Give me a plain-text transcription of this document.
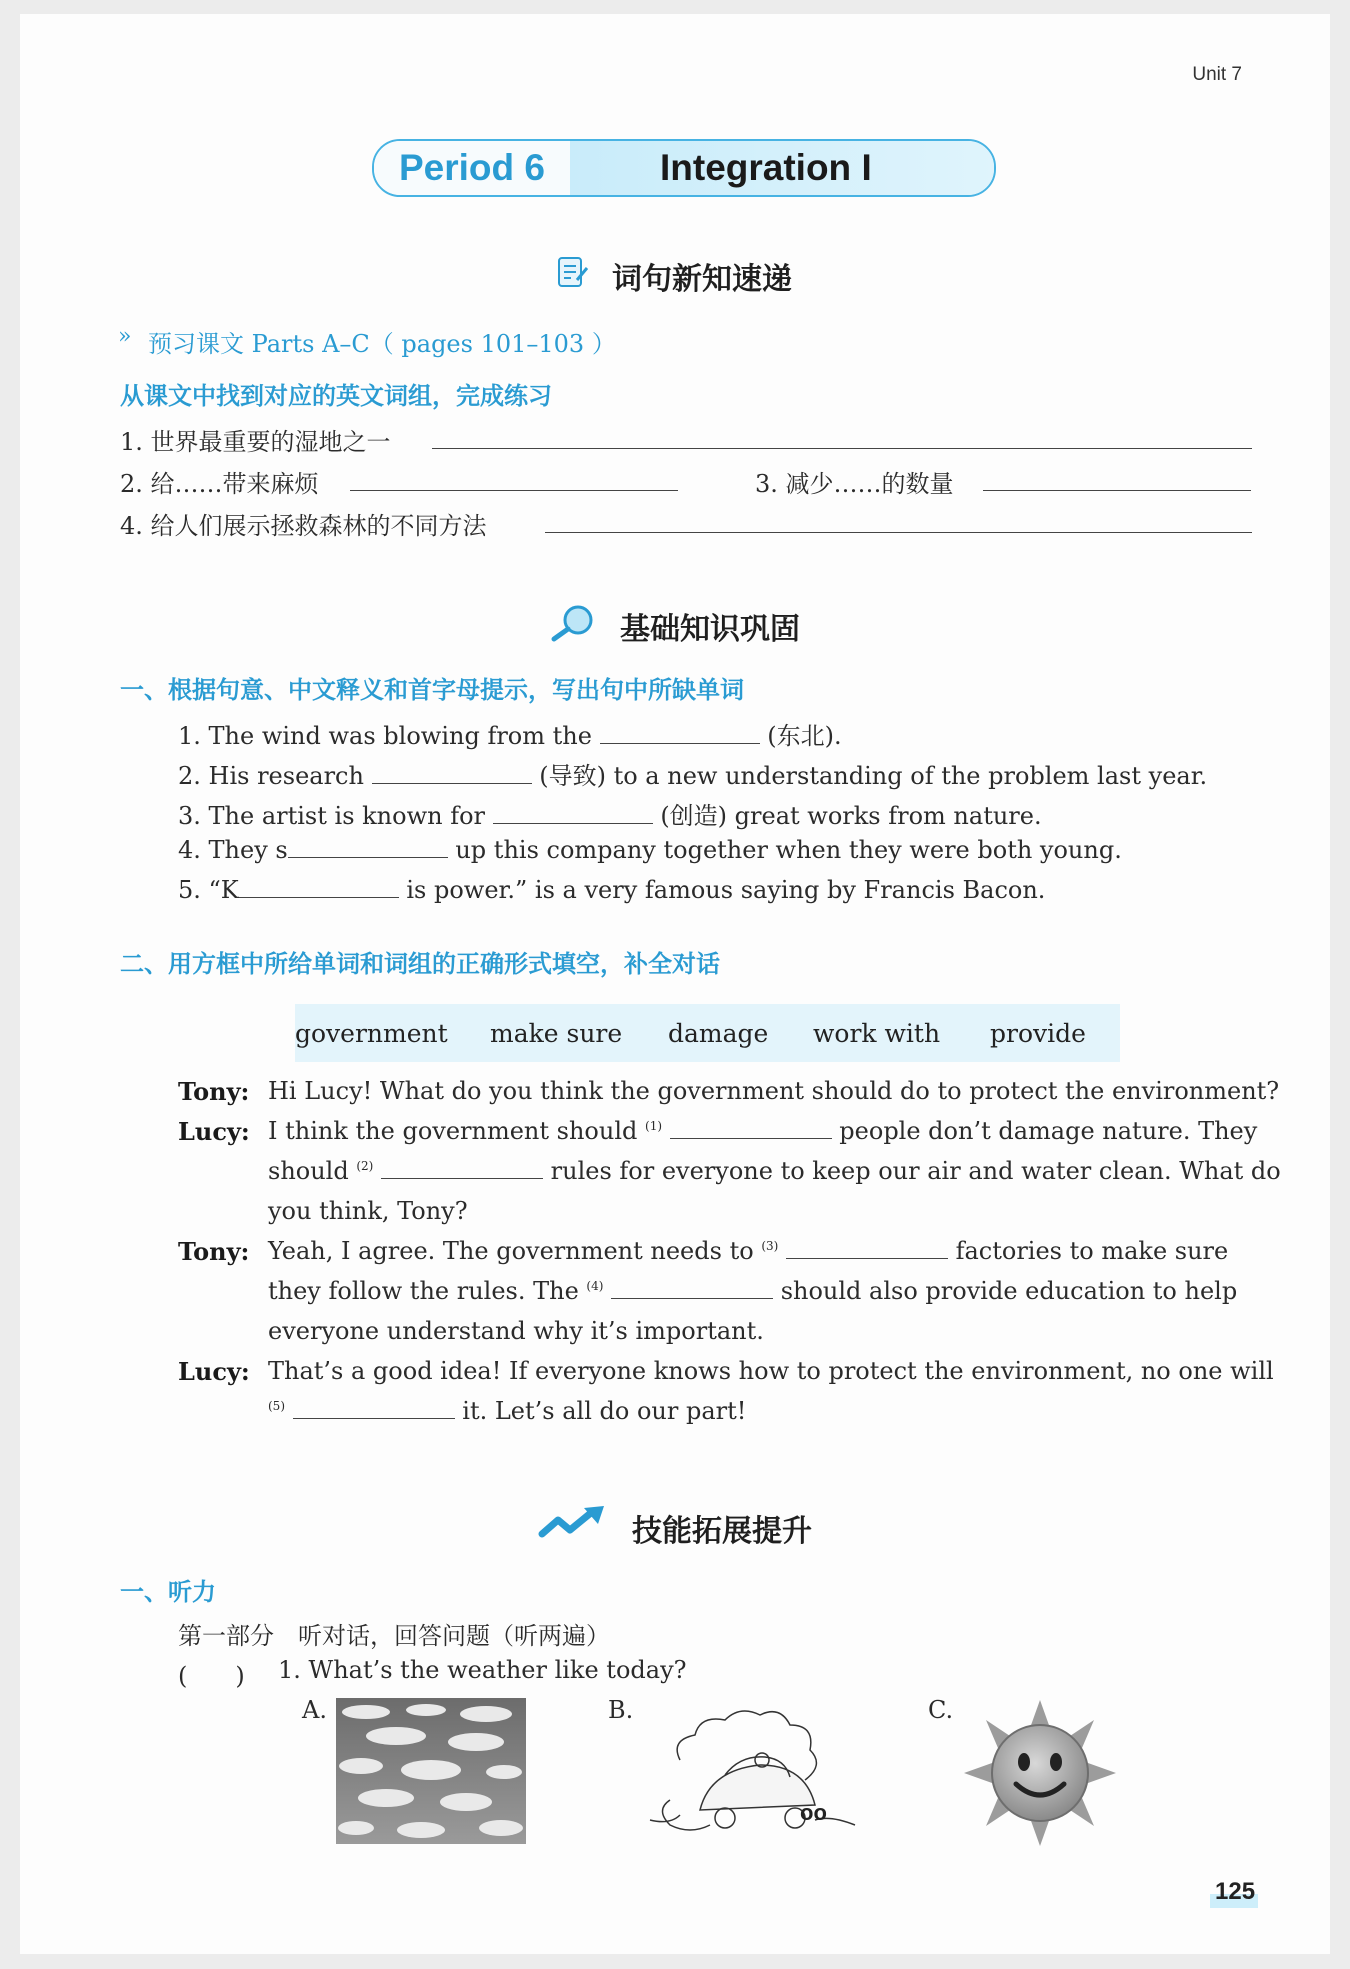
Unit 7
Period 6	Integration I
词句新知速递
» 预习课文 Parts A–C（ pages 101–103 ）
从课文中找到对应的英文词组，完成练习
1. 世界最重要的湿地之一
2. 给……带来麻烦	3. 减少……的数量
4. 给人们展示拯救森林的不同方法
基础知识巩固
一、根据句意、中文释义和首字母提示，写出句中所缺单词
1. The wind was blowing from the	(东北).
2. His research	(导致) to a new understanding of the problem last year.
3. The artist is known for	(创造) great works from nature.
4. They s	up this company together when they were both young.
5. “K	is power.” is a very famous saying by Francis Bacon.
二、用方框中所给单词和词组的正确形式填空，补全对话
government make sure damage work with provide
Tony: Hi Lucy! What do you think the government should do to protect the environment?
Lucy: I think the government should $^{(1)}$	people don’t damage nature. They
should $^{(2)}$	rules for everyone to keep our air and water clean. What do
you think, Tony?
Tony: Yeah, I agree. The government needs to $^{(3)}$	factories to make sure
they follow the rules. The $^{(4)}$	should also provide education to help
everyone understand why it’s important.
Lucy: That’s a good idea! If everyone knows how to protect the environment, no one will
$^{(5)}$	it. Let’s all do our part!
技能拓展提升
一、听力
第一部分　听对话，回答问题（听两遍）
(　　) 1. What’s the weather like today?
A.	B.
oo
C.
125
